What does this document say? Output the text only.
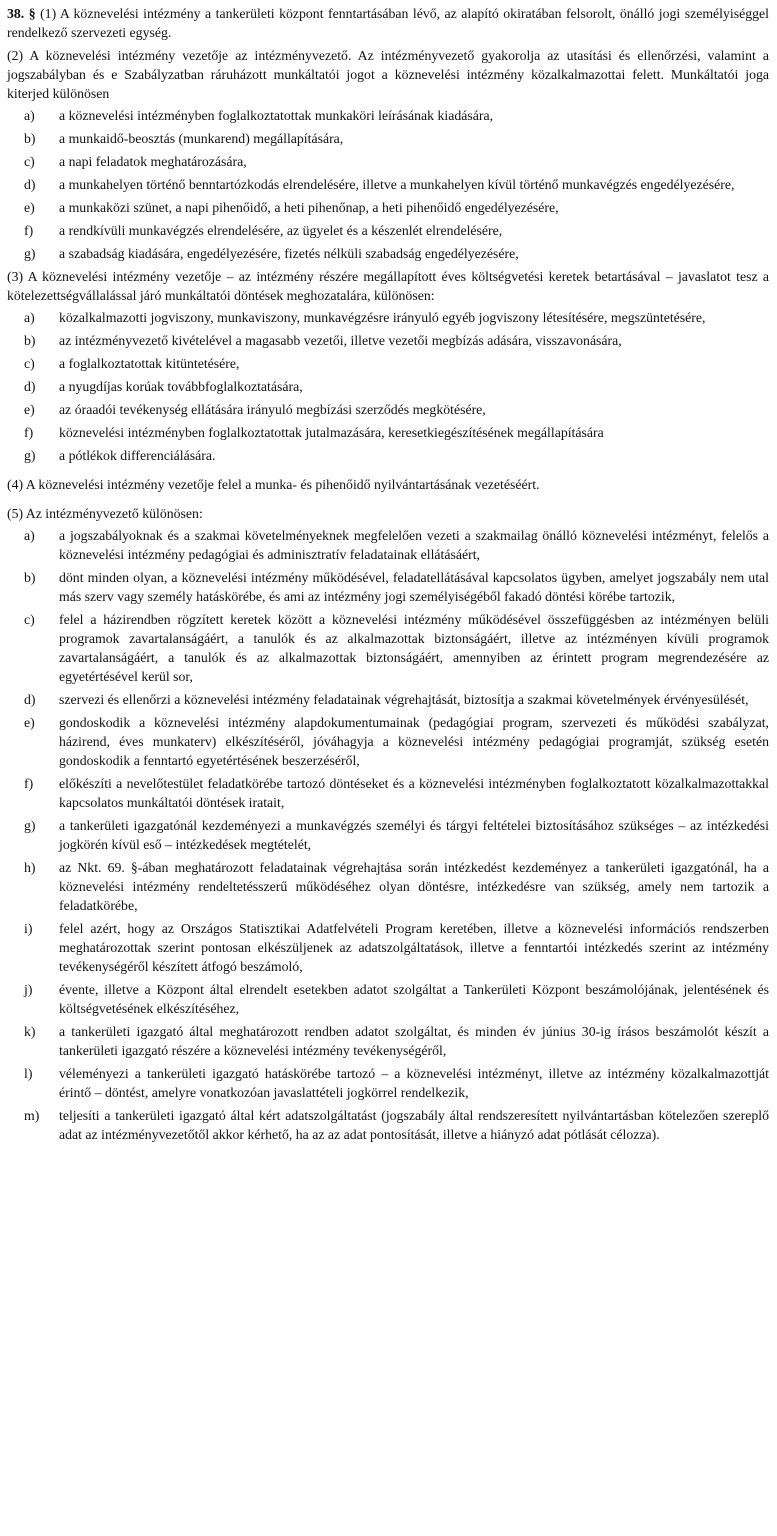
38. § (1) A köznevelési intézmény a tankerületi központ fenntartásában lévő, az alapító okiratában felsorolt, önálló jogi személyiséggel rendelkező szervezeti egység.

(2) A köznevelési intézmény vezetője az intézményvezető. Az intézményvezető gyakorolja az utasítási és ellenőrzési, valamint a jogszabályban és e Szabályzatban ráruházott munkáltatói jogot a köznevelési intézmény közalkalmazottai felett. Munkáltatói joga kiterjed különösen

a)	a köznevelési intézményben foglalkoztatottak munkaköri leírásának kiadására,
b)	a munkaidő-beosztás (munkarend) megállapítására,
c)	a napi feladatok meghatározására,
d)	a munkahelyen történő benntartózkodás elrendelésére, illetve a munkahelyen kívül történő munkavégzés engedélyezésére,
e)	a munkaközi szünet, a napi pihenőidő, a heti pihenőnap, a heti pihenőidő engedélyezésére,
f)	a rendkívüli munkavégzés elrendelésére, az ügyelet és a készenlét elrendelésére,
g)	a szabadság kiadására, engedélyezésére, fizetés nélküli szabadság engedélyezésére,

(3) A köznevelési intézmény vezetője – az intézmény részére megállapított éves költségvetési keretek betartásával – javaslatot tesz a kötelezettségvállalással járó munkáltatói döntések meghozatalára, különösen:

a)	közalkalmazotti jogviszony, munkaviszony, munkavégzésre irányuló egyéb jogviszony létesítésére, megszüntetésére,
b)	az intézményvezető kivételével a magasabb vezetői, illetve vezetői megbízás adására, visszavonására,
c)	a foglalkoztatottak kitüntetésére,
d)	a nyugdíjas korúak továbbfoglalkoztatására,
e)	az óraadói tevékenység ellátására irányuló megbízási szerződés megkötésére,
f)	köznevelési intézményben foglalkoztatottak jutalmazására, keresetkiegészítésének megállapítására
g)	a pótlékok differenciálására.

(4) A köznevelési intézmény vezetője felel a munka- és pihenőidő nyilvántartásának vezetéséért.

(5) Az intézményvezető különösen:

a)	a jogszabályoknak és a szakmai követelményeknek megfelelően vezeti a szakmailag önálló köznevelési intézményt, felelős a köznevelési intézmény pedagógiai és adminisztratív feladatainak ellátásáért,
b)	dönt minden olyan, a köznevelési intézmény működésével, feladatellátásával kapcsolatos ügyben, amelyet jogszabály nem utal más szerv vagy személy hatáskörébe, és ami az intézmény jogi személyiségéből fakadó döntési körébe tartozik,
c)	felel a házirendben rögzített keretek között a köznevelési intézmény működésével összefüggésben az intézményen belüli programok zavartalanságáért, a tanulók és az alkalmazottak biztonságáért, illetve az intézményen kívüli programok zavartalanságáért, a tanulók és az alkalmazottak biztonságáért, amennyiben az érintett program megrendezésére az egyetértésével kerül sor,
d)	szervezi és ellenőrzi a köznevelési intézmény feladatainak végrehajtását, biztosítja a szakmai követelmények érvényesülését,
e)	gondoskodik a köznevelési intézmény alapdokumentumainak (pedagógiai program, szervezeti és működési szabályzat, házirend, éves munkaterv) elkészítéséről, jóváhagyja a köznevelési intézmény pedagógiai programját, szükség esetén gondoskodik a fenntartó egyetértésének beszerzéséről,
f)	előkészíti a nevelőtestület feladatkörébe tartozó döntéseket és a köznevelési intézményben foglalkoztatott közalkalmazottakkal kapcsolatos munkáltatói döntések iratait,
g)	a tankerületi igazgatónál kezdeményezi a munkavégzés személyi és tárgyi feltételei biztosításához szükséges – az intézkedési jogkörén kívül eső – intézkedések megtételét,
h)	az Nkt. 69. §-ában meghatározott feladatainak végrehajtása során intézkedést kezdeményez a tankerületi igazgatónál, ha a köznevelési intézmény rendeltetésszerű működéséhez olyan döntésre, intézkedésre van szükség, amely nem tartozik a feladatkörébe,
i)	felel azért, hogy az Országos Statisztikai Adatfelvételi Program keretében, illetve a köznevelési információs rendszerben meghatározottak szerint pontosan elkészüljenek az adatszolgáltatások, illetve a fenntartói intézkedés szerint az intézmény tevékenységéről készített átfogó beszámoló,
j)	évente, illetve a Központ által elrendelt esetekben adatot szolgáltat a Tankerületi Központ beszámolójának, jelentésének és költségvetésének elkészítéséhez,
k)	a tankerületi igazgató által meghatározott rendben adatot szolgáltat, és minden év június 30-ig írásos beszámolót készít a tankerületi igazgató részére a köznevelési intézmény tevékenységéről,
l)	véleményezi a tankerületi igazgató hatáskörébe tartozó – a köznevelési intézményt, illetve az intézmény közalkalmazottját érintő – döntést, amelyre vonatkozóan javaslattételi jogkörrel rendelkezik,
m)	teljesíti a tankerületi igazgató által kért adatszolgáltatást (jogszabály által rendszeresített nyilvántartásban kötelezően szereplő adat az intézményvezetőtől akkor kérhető, ha az az adat pontosítását, illetve a hiányzó adat pótlását célozza).
